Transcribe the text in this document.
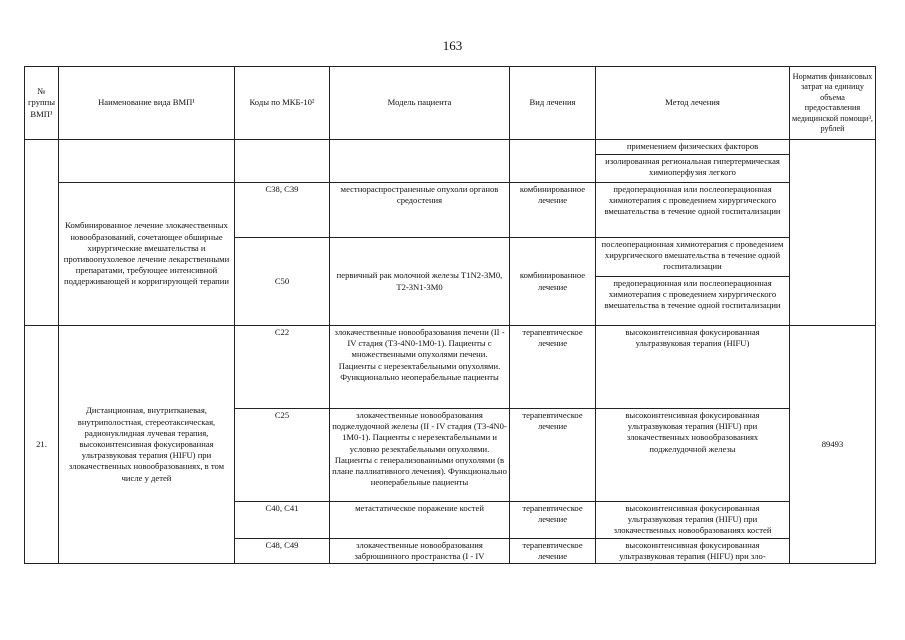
163
№ группы ВМП¹	Наименование вида ВМП¹	Коды по МКБ-10²	Модель пациента	Вид лечения	Метод лечения	Норматив финансовых затрат на единицу объема предоставления медицинской помощи³, рублей
					применением физических факторов	
					изолированная региональная гипертермическая химиоперфузия легкого	
	Комбинированное лечение злокачественных новообразований, сочетающее обширные хирургические вмешательства и противоопухолевое лечение лекарственными препаратами, требующее интенсивной поддерживающей и корригирующей терапии	C38, C39	местнораспространенные опухоли органов средостения	комбинированное лечение	предоперационная или послеоперационная химиотерапия с проведением хирургического вмешательства в течение одной госпитализации	
		C50	первичный рак молочной железы T1N2-3M0, T2-3N1-3M0	комбинированное лечение	послеоперационная химиотерапия с проведением хирургического вмешательства в течение одной госпитализации	
					предоперационная или послеоперационная химиотерапия с проведением хирургического вмешательства в течение одной госпитализации	
21.	Дистанционная, внутритканевая, внутриполостная, стереотаксическая, радионуклидная лучевая терапия, высокоинтенсивная фокусированная ультразвуковая терапия (HIFU) при злокачественных новообразованиях, в том числе у детей	C22	злокачественные новообразования печени (II - IV стадия (T3-4N0-1M0-1). Пациенты с множественными опухолями печени. Пациенты с нерезектабельными опухолями. Функционально неоперабельные пациенты	терапевтическое лечение	высокоинтенсивная фокусированная ультразвуковая терапия (HIFU)	89493
		C25	злокачественные новообразования поджелудочной железы (II - IV стадия (T3-4N0-1M0-1). Пациенты с нерезектабельными и условно резектабельными опухолями. Пациенты с генерализованными опухолями (в плане паллиативного лечения). Функционально неоперабельные пациенты	терапевтическое лечение	высокоинтенсивная фокусированная ультразвуковая терапия (HIFU) при злокачественных новообразованиях поджелудочной железы	
		C40, C41	метастатическое поражение костей	терапевтическое лечение	высокоинтенсивная фокусированная ультразвуковая терапия (HIFU) при злокачественных новообразованиях костей	
		C48, C49	злокачественные новообразования забрюшинного пространства (I - IV	терапевтическое лечение	высокоинтенсивная фокусированная ультразвуковая терапия (HIFU) при зло-	
